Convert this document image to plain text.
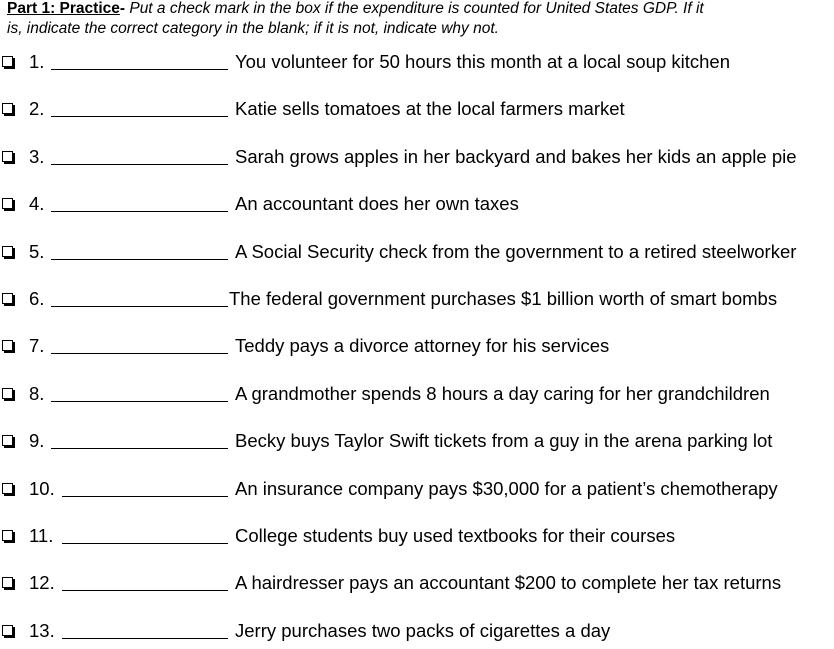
Part 1: Practice- Put a check mark in the box if the expenditure is counted for United States GDP. If it
is, indicate the correct category in the blank; if it is not, indicate why not.
1.	You volunteer for 50 hours this month at a local soup kitchen
2.	Katie sells tomatoes at the local farmers market
3.	Sarah grows apples in her backyard and bakes her kids an apple pie
4.	An accountant does her own taxes
5.	A Social Security check from the government to a retired steelworker
6.	The federal government purchases $1 billion worth of smart bombs
7.	Teddy pays a divorce attorney for his services
8.	A grandmother spends 8 hours a day caring for her grandchildren
9.	Becky buys Taylor Swift tickets from a guy in the arena parking lot
10.	An insurance company pays $30,000 for a patient’s chemotherapy
11.	College students buy used textbooks for their courses
12.	A hairdresser pays an accountant $200 to complete her tax returns
13.	Jerry purchases two packs of cigarettes a day
